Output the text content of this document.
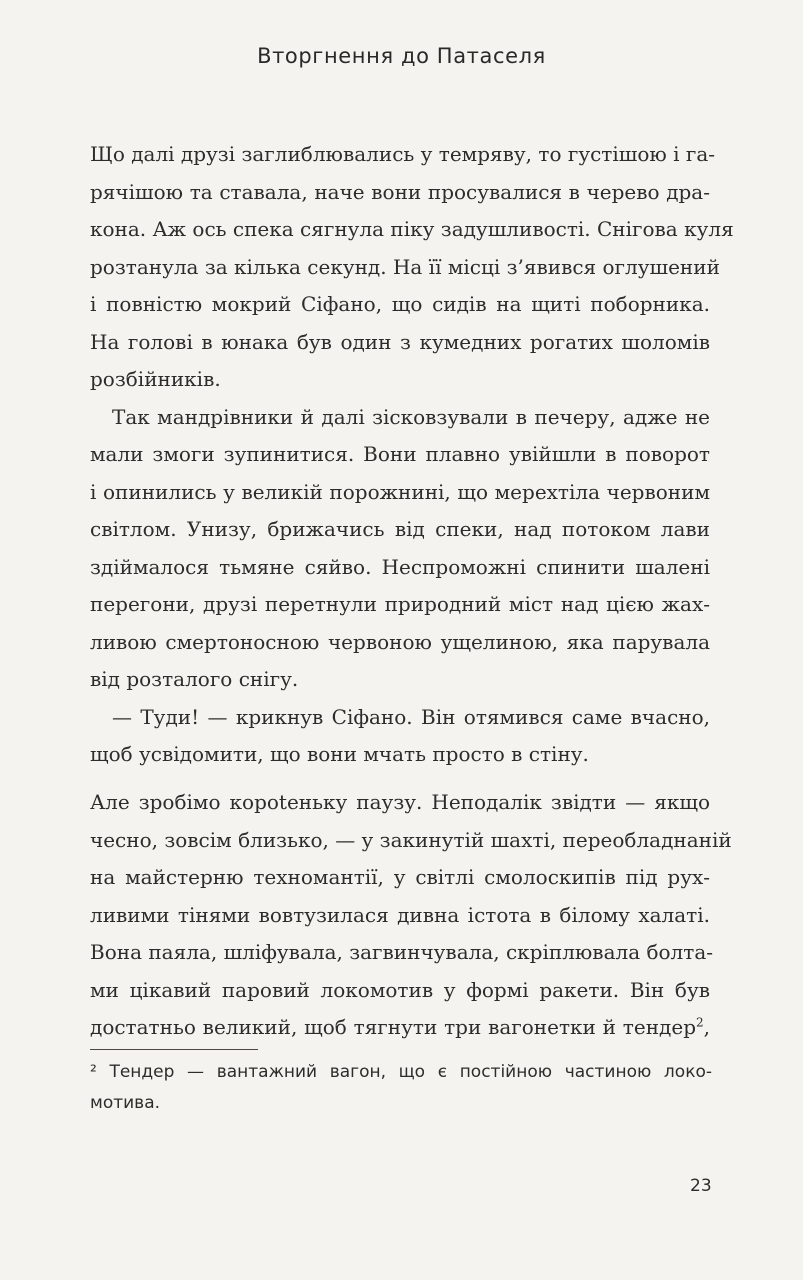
Вторгнення до Патаселя
Що далі друзі заглиблювались у темряву, то густішою і га-
рячішою та ставала, наче вони просувалися в черево дра-
кона. Аж ось спека сягнула піку задушливості. Снігова куля
розтанула за кілька секунд. На її місці з’явився оглушений
і повністю мокрий Сіфано, що сидів на щиті поборника.
На голові в юнака був один з кумедних рогатих шоломів
розбійників.
Так мандрівники й далі зісковзували в печеру, адже не
мали змоги зупинитися. Вони плавно увійшли в поворот
і опинились у великій порожнині, що мерехтіла червоним
світлом. Унизу, брижачись від спеки, над потоком лави
здіймалося тьмяне сяйво. Неспроможні спинити шалені
перегони, друзі перетнули природний міст над цією жах-
ливою смертоносною червоною ущелиною, яка парувала
від розталого снігу.
— Туди! — крикнув Сіфано. Він отямився саме вчасно,
щоб усвідомити, що вони мчать просто в стіну.
Але зробімо короteньку паузу. Неподалік звідти — якщо
чесно, зовсім близько, — у закинутій шахті, переобладнаній
на майстерню техномантії, у світлі смолоскипів під рух-
ливими тінями вовтузилася дивна істота в білому халаті.
Вона паяла, шліфувала, загвинчувала, скріплювала болта-
ми цікавий паровий локомотив у формі ракети. Він був
достатньо великий, щоб тягнути три вагонетки й тендер$^2$,
² Тендер — вантажний вагон, що є постійною частиною локо-
мотива.
23
